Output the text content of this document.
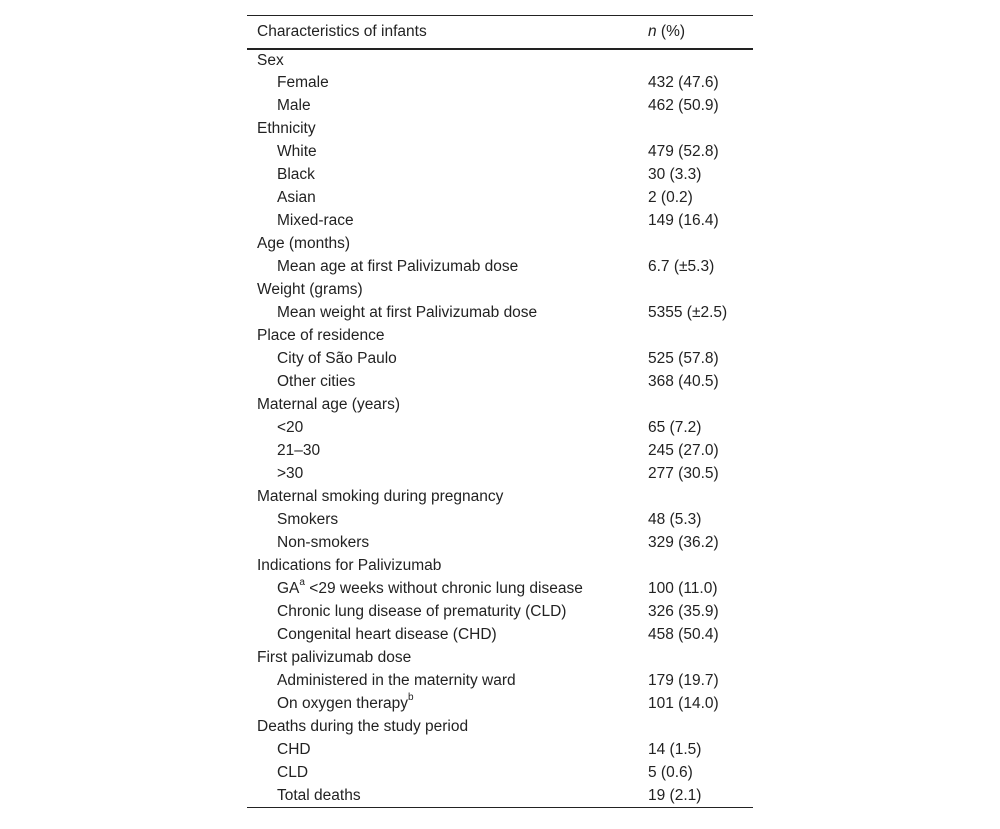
Characteristics of infants	n (%)
Sex	
Female	432 (47.6)
Male	462 (50.9)
Ethnicity	
White	479 (52.8)
Black	30 (3.3)
Asian	2 (0.2)
Mixed-race	149 (16.4)
Age (months)	
Mean age at first Palivizumab dose	6.7 (±5.3)
Weight (grams)	
Mean weight at first Palivizumab dose	5355 (±2.5)
Place of residence	
City of São Paulo	525 (57.8)
Other cities	368 (40.5)
Maternal age (years)	
<20	65 (7.2)
21–30	245 (27.0)
>30	277 (30.5)
Maternal smoking during pregnancy	
Smokers	48 (5.3)
Non-smokers	329 (36.2)
Indications for Palivizumab	
$GA^a <29$ weeks without chronic lung disease	100 (11.0)
Chronic lung disease of prematurity (CLD)	326 (35.9)
Congenital heart disease (CHD)	458 (50.4)
First palivizumab dose	
Administered in the maternity ward	179 (19.7)
On oxygen therapy$^b$	101 (14.0)
Deaths during the study period	
CHD	14 (1.5)
CLD	5 (0.6)
Total deaths	19 (2.1)
